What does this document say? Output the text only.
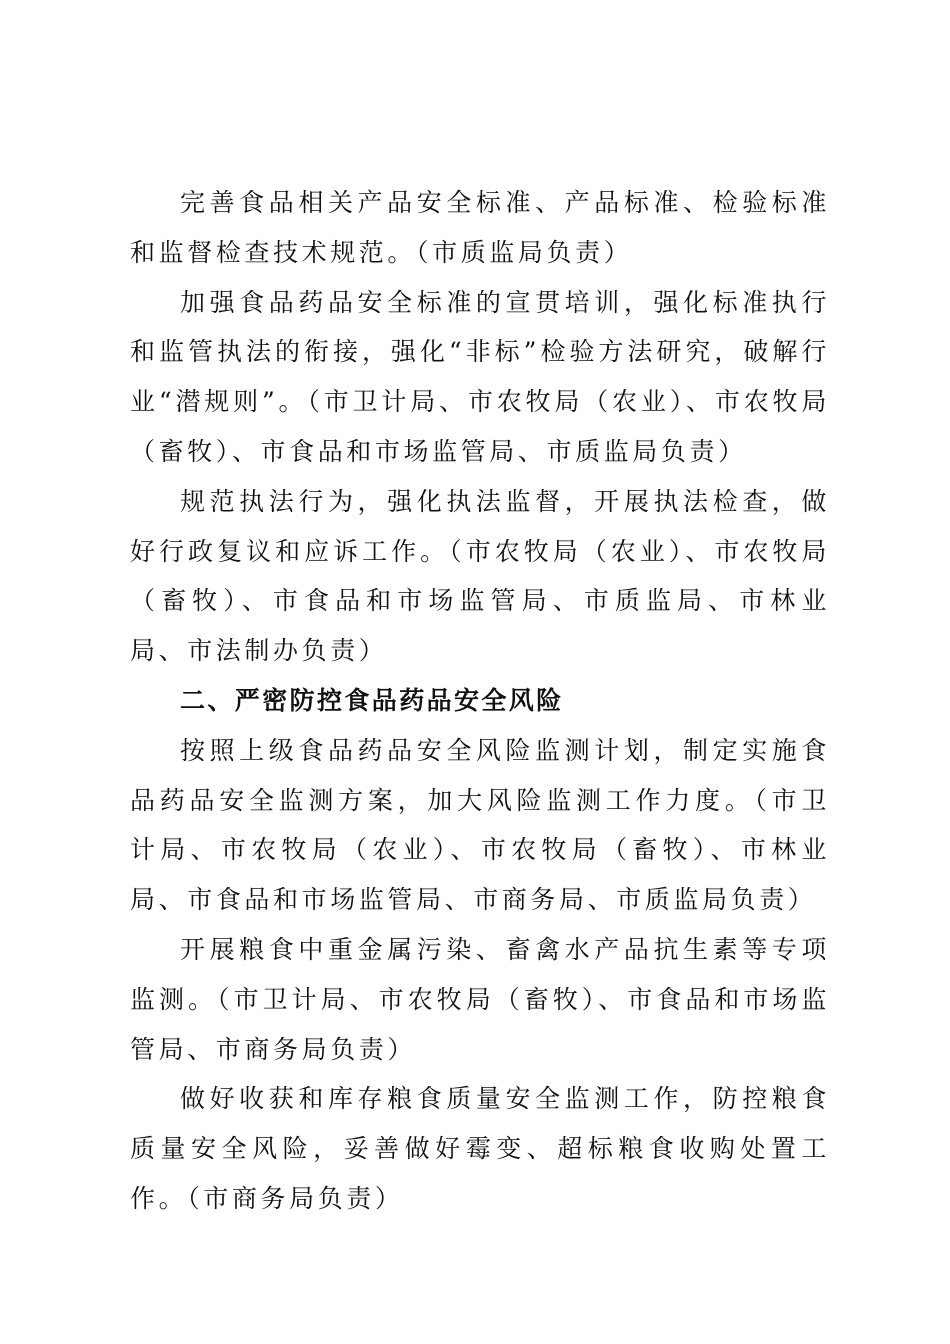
完善食品相关产品安全标准、产品标准、检验标准和监督检查技术规范。（市质监局负责）

加强食品药品安全标准的宣贯培训，强化标准执行和监管执法的衔接，强化“非标”检验方法研究，破解行业“潜规则”。（市卫计局、市农牧局（农业）、市农牧局（畜牧）、市食品和市场监管局、市质监局负责）

规范执法行为，强化执法监督，开展执法检查，做好行政复议和应诉工作。（市农牧局（农业）、市农牧局（畜牧）、市食品和市场监管局、市质监局、市林业局、市法制办负责）

二、严密防控食品药品安全风险

按照上级食品药品安全风险监测计划，制定实施食品药品安全监测方案，加大风险监测工作力度。（市卫计局、市农牧局（农业）、市农牧局（畜牧）、市林业局、市食品和市场监管局、市商务局、市质监局负责）

开展粮食中重金属污染、畜禽水产品抗生素等专项监测。（市卫计局、市农牧局（畜牧）、市食品和市场监管局、市商务局负责）

做好收获和库存粮食质量安全监测工作，防控粮食质量安全风险，妥善做好霉变、超标粮食收购处置工作。（市商务局负责）
